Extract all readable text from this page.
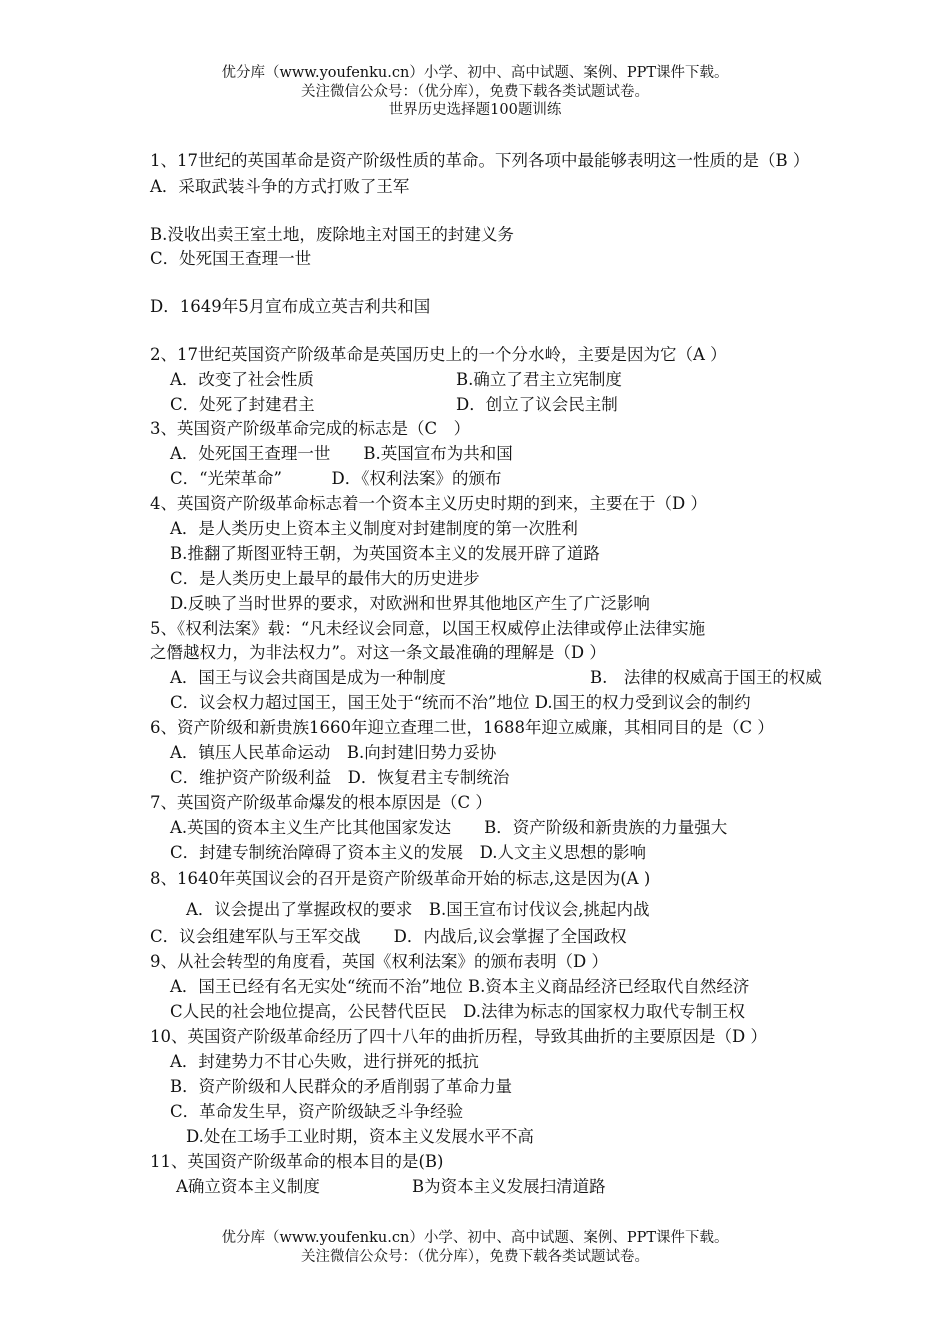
优分库（www.youfenku.cn）小学、初中、高中试题、案例、PPT课件下载。
关注微信公众号：（优分库），免费下载各类试题试卷。
世界历史选择题100题训练
1、17世纪的英国革命是资产阶级性质的革命。下列各项中最能够表明这一性质的是（B ）
A．采取武装斗争的方式打败了王军
B.没收出卖王室土地，废除地主对国王的封建义务
C．处死国王查理一世
D．1649年5月宣布成立英吉利共和国
2、17世纪英国资产阶级革命是英国历史上的一个分水岭，主要是因为它（A ）
A．改变了社会性质	B.确立了君主立宪制度
C．处死了封建君主	D．创立了议会民主制
3、英国资产阶级革命完成的标志是（C　）
A．处死国王查理一世　　B.英国宣布为共和国
C．“光荣革命”　　　D．《权利法案》的颁布
4、英国资产阶级革命标志着一个资本主义历史时期的到来，主要在于（D ）
A．是人类历史上资本主义制度对封建制度的第一次胜利
B.推翻了斯图亚特王朝，为英国资本主义的发展开辟了道路
C．是人类历史上最早的最伟大的历史进步
D.反映了当时世界的要求，对欧洲和世界其他地区产生了广泛影响
5、《权利法案》载：“凡未经议会同意，以国王权威停止法律或停止法律实施
之僭越权力，为非法权力”。对这一条文最准确的理解是（D ）
A．国王与议会共商国是成为一种制度	B.　法律的权威高于国王的权威
C．议会权力超过国王，国王处于“统而不治”地位 D.国王的权力受到议会的制约
6、资产阶级和新贵族1660年迎立查理二世，1688年迎立威廉，其相同目的是（C ）
A．镇压人民革命运动　B.向封建旧势力妥协
C．维护资产阶级利益　D．恢复君主专制统治
7、英国资产阶级革命爆发的根本原因是（C ）
A.英国的资本主义生产比其他国家发达　　B．资产阶级和新贵族的力量强大
C．封建专制统治障碍了资本主义的发展　D.人文主义思想的影响
8、1640年英国议会的召开是资产阶级革命开始的标志,这是因为(A )
A．议会提出了掌握政权的要求　B.国王宣布讨伐议会,挑起内战
C．议会组建军队与王军交战　　D．内战后,议会掌握了全国政权
9、从社会转型的角度看，英国《权利法案》的颁布表明（D ）
A．国王已经有名无实处“统而不治”地位 B.资本主义商品经济已经取代自然经济
C人民的社会地位提高，公民替代臣民　D.法律为标志的国家权力取代专制王权
10、英国资产阶级革命经历了四十八年的曲折历程，导致其曲折的主要原因是（D ）
A．封建势力不甘心失败，进行拼死的抵抗
B．资产阶级和人民群众的矛盾削弱了革命力量
C．革命发生早，资产阶级缺乏斗争经验
D.处在工场手工业时期，资本主义发展水平不高
11、英国资产阶级革命的根本目的是(B)
A确立资本主义制度	B为资本主义发展扫清道路
优分库（www.youfenku.cn）小学、初中、高中试题、案例、PPT课件下载。
关注微信公众号：（优分库），免费下载各类试题试卷。
